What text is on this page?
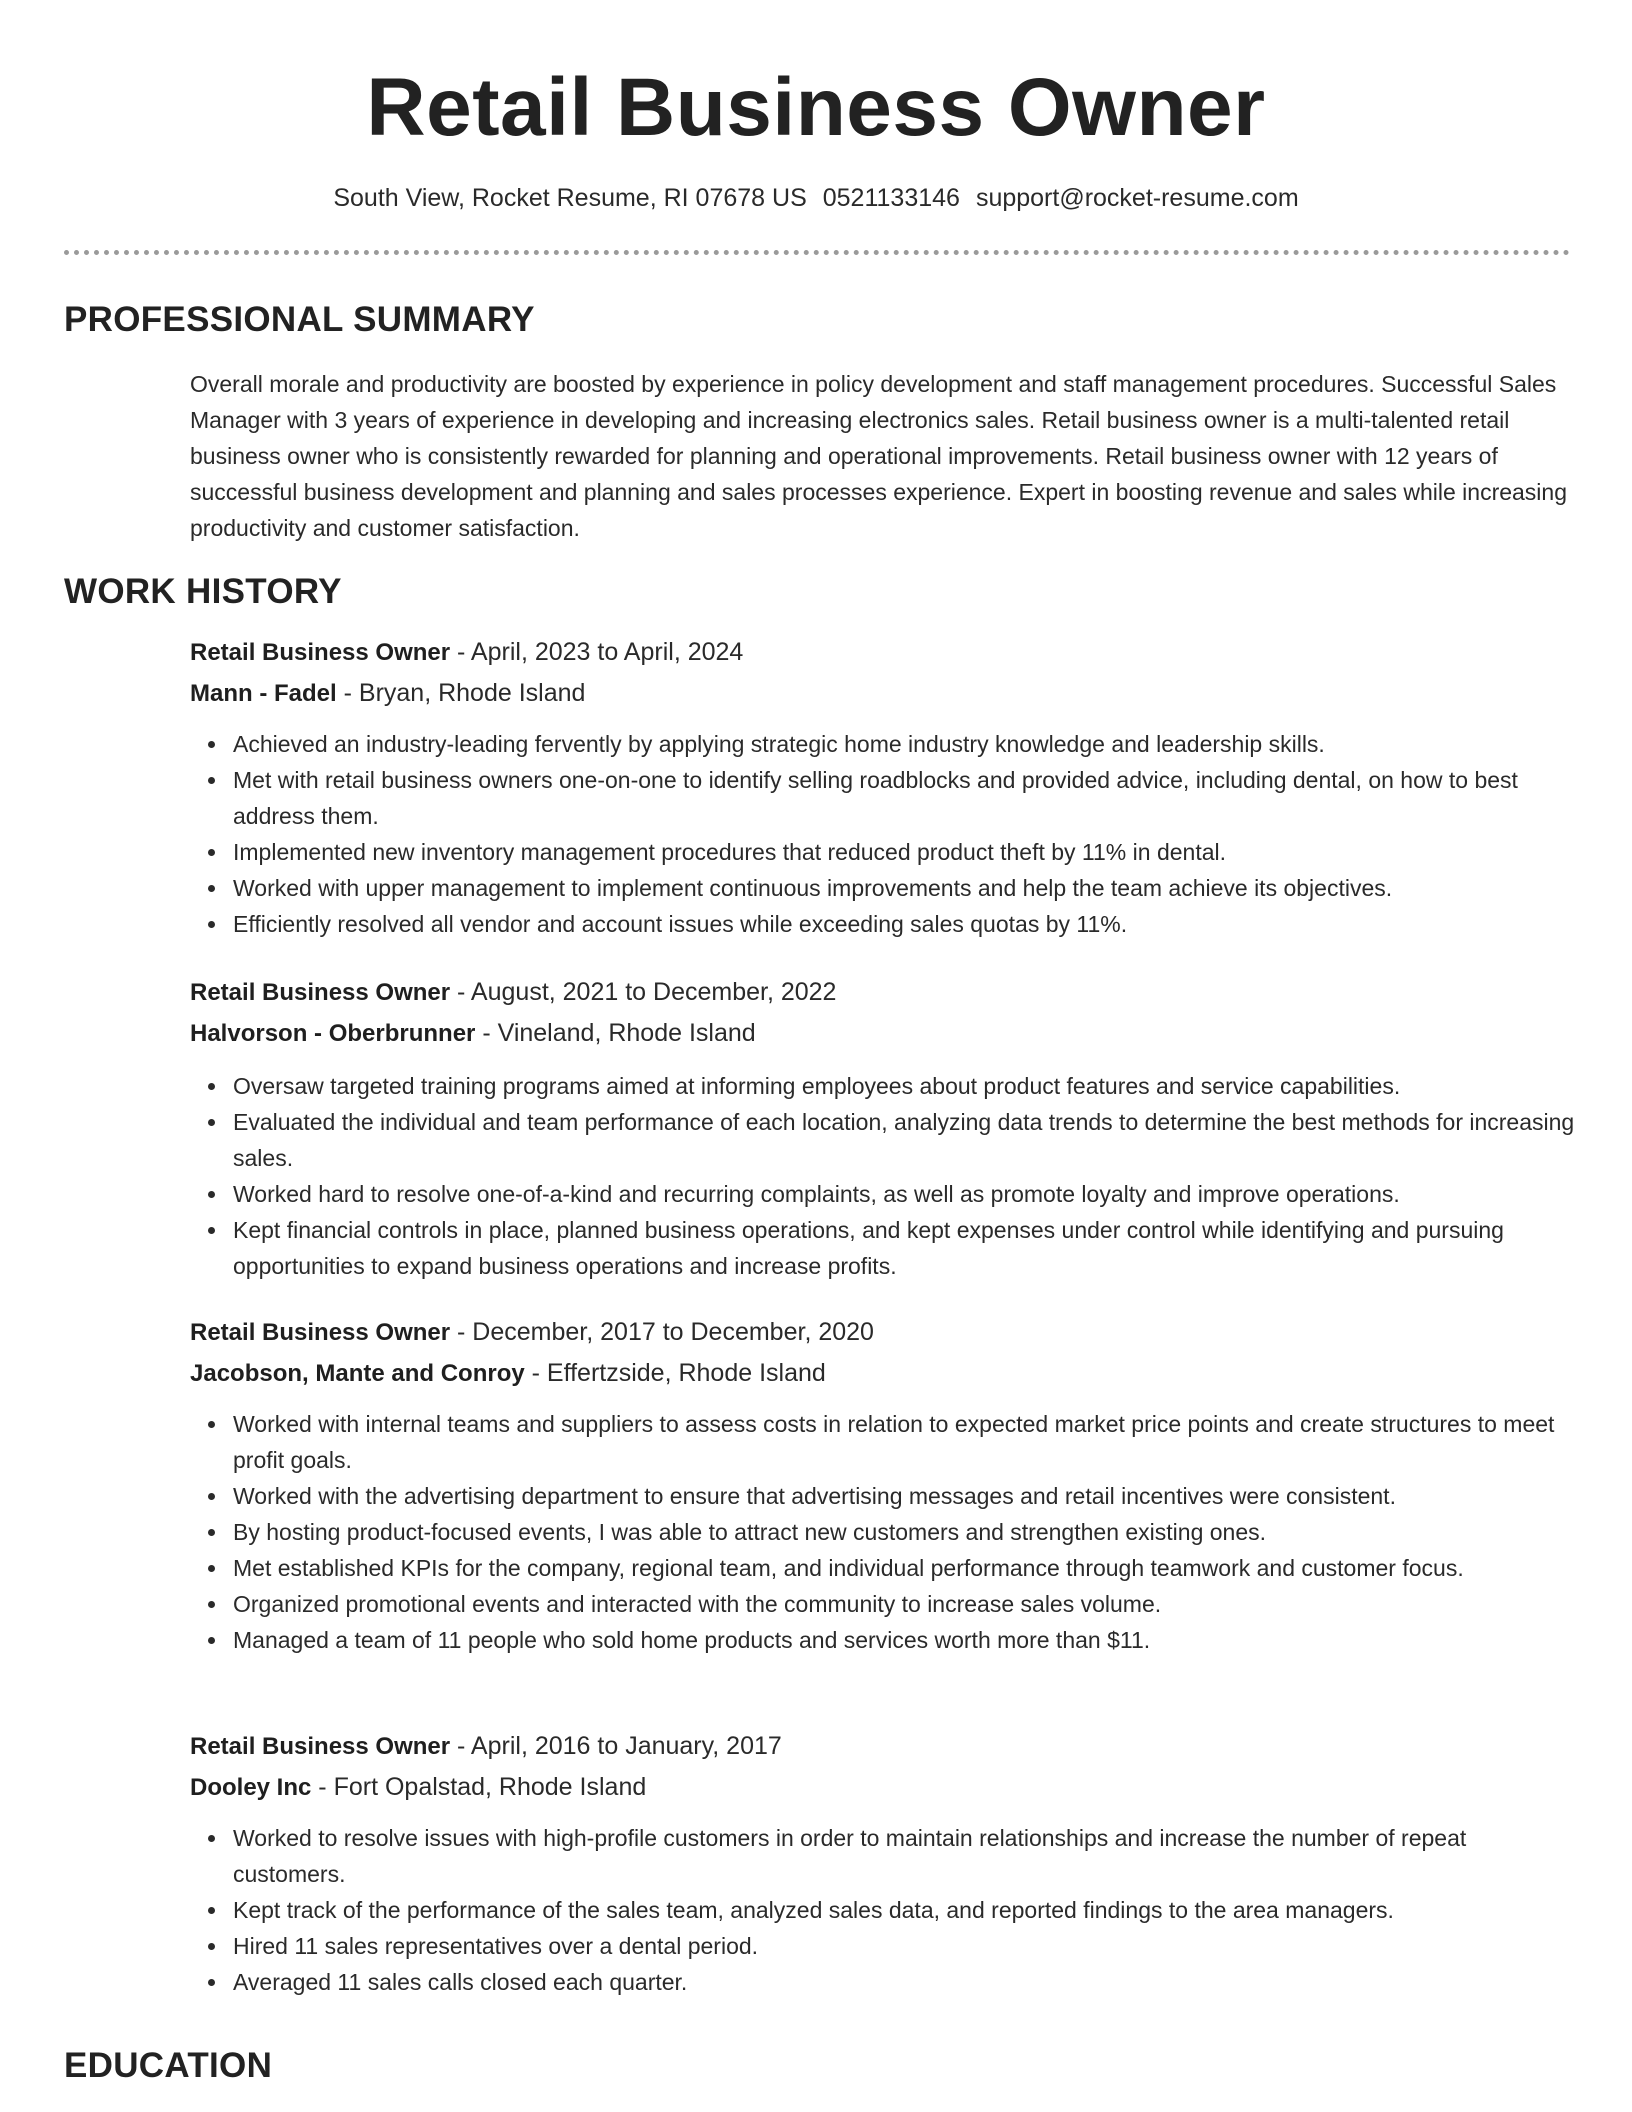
Retail Business Owner
South View, Rocket Resume, RI 07678 US 0521133146 support@rocket-resume.com
PROFESSIONAL SUMMARY

Overall morale and productivity are boosted by experience in policy development and staff management procedures. Successful Sales Manager with 3 years of experience in developing and increasing electronics sales. Retail business owner is a multi-talented retail business owner who is consistently rewarded for planning and operational improvements. Retail business owner with 12 years of successful business development and planning and sales processes experience. Expert in boosting revenue and sales while increasing productivity and customer satisfaction.

WORK HISTORY
Retail Business Owner - April, 2023 to April, 2024
Mann - Fadel - Bryan, Rhode Island
Achieved an industry-leading fervently by applying strategic home industry knowledge and leadership skills.
Met with retail business owners one-on-one to identify selling roadblocks and provided advice, including dental, on how to best address them.
Implemented new inventory management procedures that reduced product theft by 11% in dental.
Worked with upper management to implement continuous improvements and help the team achieve its objectives.
Efficiently resolved all vendor and account issues while exceeding sales quotas by 11%.
Retail Business Owner - August, 2021 to December, 2022
Halvorson - Oberbrunner - Vineland, Rhode Island
Oversaw targeted training programs aimed at informing employees about product features and service capabilities.
Evaluated the individual and team performance of each location, analyzing data trends to determine the best methods for increasing sales.
Worked hard to resolve one-of-a-kind and recurring complaints, as well as promote loyalty and improve operations.
Kept financial controls in place, planned business operations, and kept expenses under control while identifying and pursuing opportunities to expand business operations and increase profits.
Retail Business Owner - December, 2017 to December, 2020
Jacobson, Mante and Conroy - Effertzside, Rhode Island
Worked with internal teams and suppliers to assess costs in relation to expected market price points and create structures to meet profit goals.
Worked with the advertising department to ensure that advertising messages and retail incentives were consistent.
By hosting product-focused events, I was able to attract new customers and strengthen existing ones.
Met established KPIs for the company, regional team, and individual performance through teamwork and customer focus.
Organized promotional events and interacted with the community to increase sales volume.
Managed a team of 11 people who sold home products and services worth more than $11.
Retail Business Owner - April, 2016 to January, 2017
Dooley Inc - Fort Opalstad, Rhode Island
Worked to resolve issues with high-profile customers in order to maintain relationships and increase the number of repeat customers.
Kept track of the performance of the sales team, analyzed sales data, and reported findings to the area managers.
Hired 11 sales representatives over a dental period.
Averaged 11 sales calls closed each quarter.
EDUCATION
